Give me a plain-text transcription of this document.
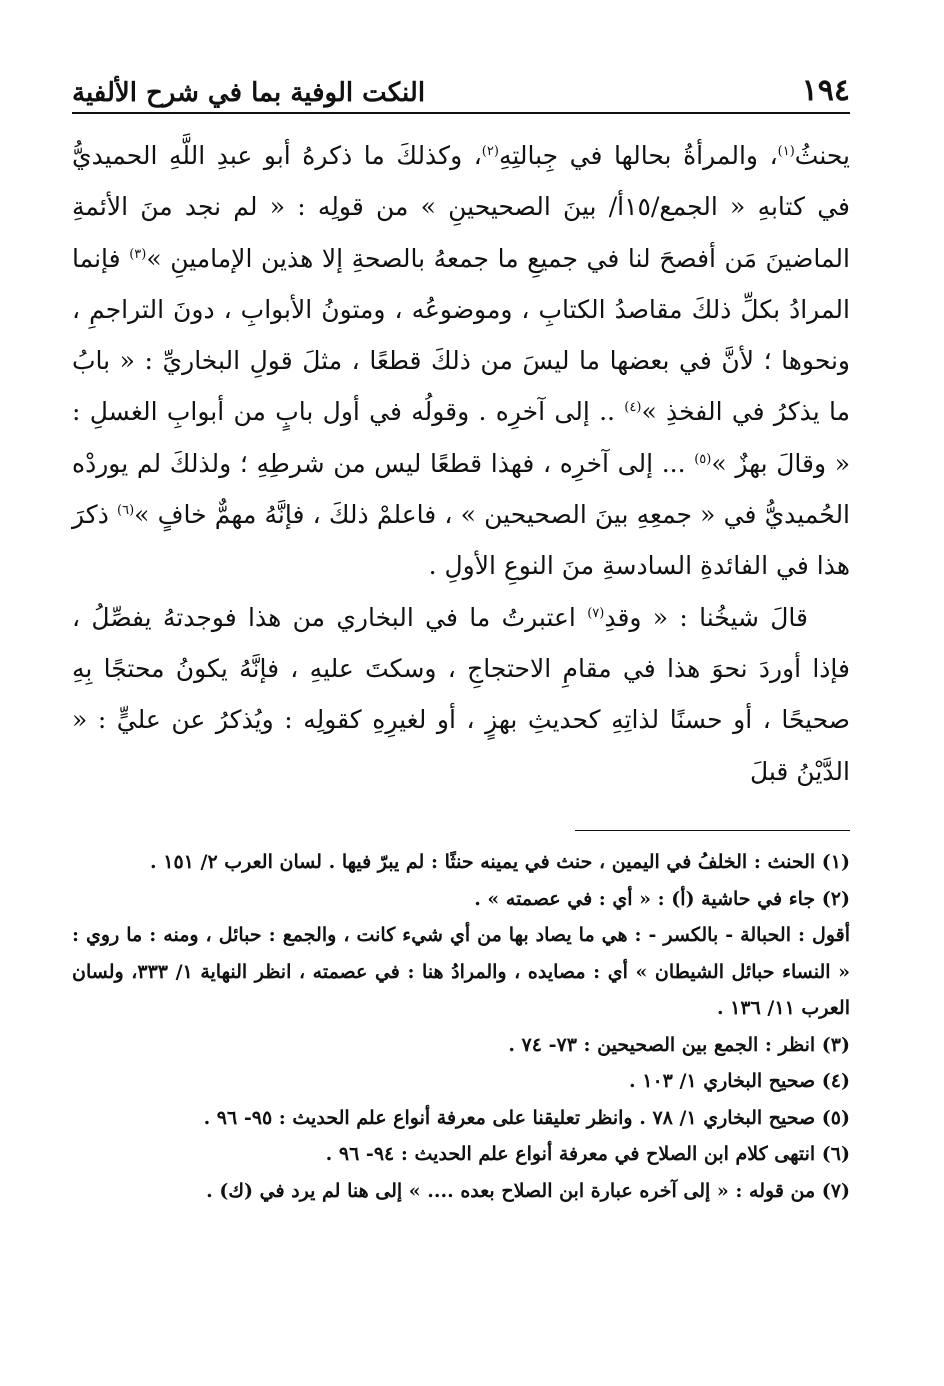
١٩٤
النكت الوفية بما في شرح الألفية

يحنثُ$^{(١)}$، والمرأةُ بحالها في جِبالتِهِ$^{(٢)}$، وكذلكَ ما ذكرهُ أبو عبدِ اللَّهِ الحميديُّ في كتابهِ « الجمع/١٥أ/ بينَ الصحيحينِ » من قولِه : « لم نجد منَ الأئمةِ الماضينَ مَن أفصحَ لنا في جميعِ ما جمعهُ بالصحةِ إلا هذين الإمامينِ »$^{(٣)}$ فإنما المرادُ بكلِّ ذلكَ مقاصدُ الكتابِ ، وموضوعُه ، ومتونُ الأبوابِ ، دونَ التراجمِ ، ونحوها ؛ لأنَّ في بعضها ما ليسَ من ذلكَ قطعًا ، مثلَ قولِ البخاريِّ : « بابُ ما يذكرُ في الفخذِ »$^{(٤)}$ .. إلى آخرِه . وقولُه في أول بابٍ من أبوابِ الغسلِ : « وقالَ بهزٌ »$^{(٥)}$ ... إلى آخرِه ، فهذا قطعًا ليس من شرطِهِ ؛ ولذلكَ لم يوردْه الحُميديُّ في « جمعِهِ بينَ الصحيحين » ، فاعلمْ ذلكَ ، فإنَّهُ مهمٌّ خافٍ »$^{(٦)}$ ذكرَ هذا في الفائدةِ السادسةِ منَ النوعِ الأولِ .

قالَ شيخُنا : « وقدِ$^{(٧)}$ اعتبرتُ ما في البخاري من هذا فوجدتهُ يفصِّلُ ، فإذا أوردَ نحوَ هذا في مقامِ الاحتجاجِ ، وسكتَ عليهِ ، فإنَّهُ يكونُ محتجًا بِهِ صحيحًا ، أو حسنًا لذاتِهِ كحديثِ بهزٍ ، أو لغيرِهِ كقولِه : ويُذكرُ عن عليٍّ : « الدَّيْنُ قبلَ

(١) الحنث : الخلفُ في اليمين ، حنث في يمينه حنثًا : لم يبرّ فيها . لسان العرب ٢/ ١٥١ .

(٢) جاء في حاشية (أ) : « أي : في عصمته » .

أقول : الحبالة - بالكسر - : هي ما يصاد بها من أي شيء كانت ، والجمع : حبائل ، ومنه : ما روي : « النساء حبائل الشيطان » أي : مصايده ، والمرادُ هنا : في عصمته ، انظر النهاية ١/ ٣٣٣، ولسان العرب ١١/ ١٣٦ .

(٣) انظر : الجمع بين الصحيحين : ٧٣- ٧٤ .

(٤) صحيح البخاري ١/ ١٠٣ .

(٥) صحيح البخاري ١/ ٧٨ . وانظر تعليقنا على معرفة أنواع علم الحديث : ٩٥- ٩٦ .

(٦) انتهى كلام ابن الصلاح في معرفة أنواع علم الحديث : ٩٤- ٩٦ .

(٧) من قوله : « إلى آخره عبارة ابن الصلاح بعده .... » إلى هنا لم يرد في (ك) .
